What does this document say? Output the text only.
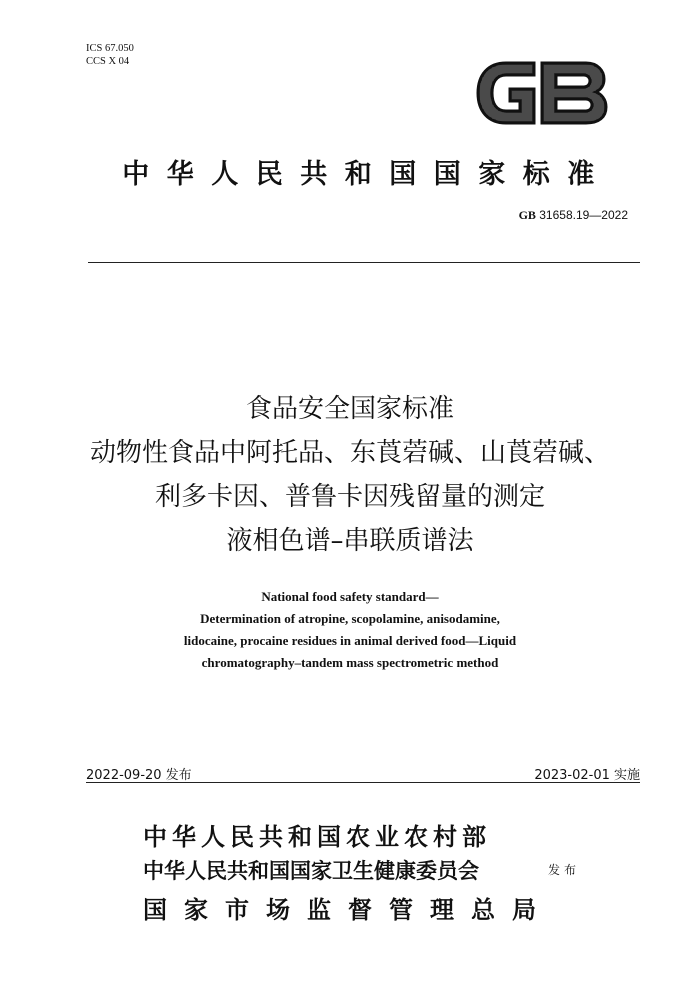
ICS 67.050
CCS X 04
中华人民共和国国家标准
GB 31658.19—2022
食品安全国家标准
动物性食品中阿托品、东莨菪碱、山莨菪碱、
利多卡因、普鲁卡因残留量的测定
液相色谱–串联质谱法
National food safety standard—
Determination of atropine, scopolamine, anisodamine,
lidocaine, procaine residues in animal derived food—Liquid
chromatography–tandem mass spectrometric method
2022-09-20 发布	2023-02-01 实施
中华人民共和国农业农村部
中华人民共和国国家卫生健康委员会	发布
国家市场监督管理总局
